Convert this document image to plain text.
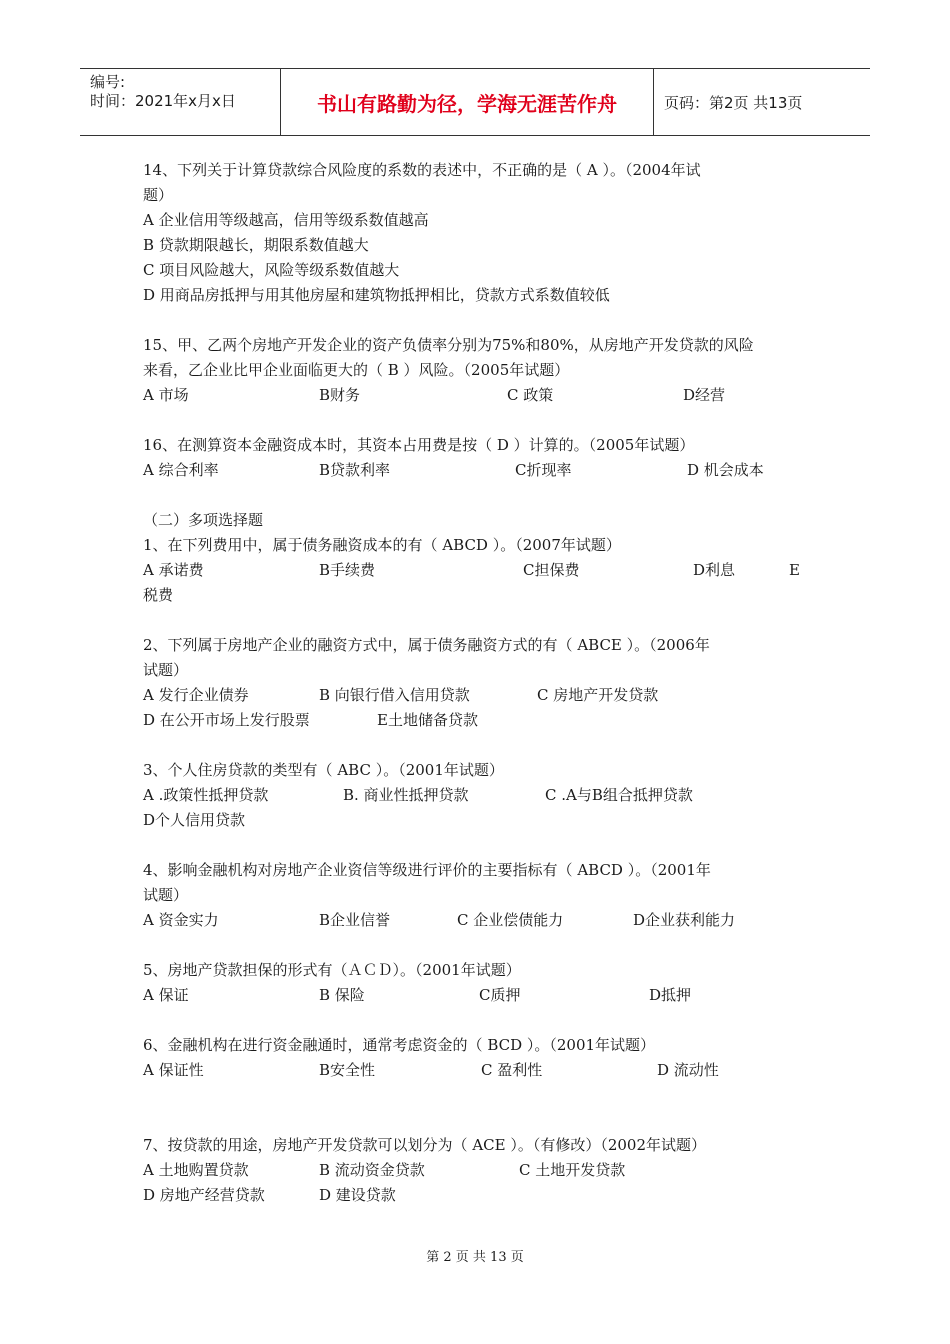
编号:
时间：2021年x月x日	书山有路勤为径，学海无涯苦作舟	页码：第2页 共13页
14、下列关于计算贷款综合风险度的系数的表述中，不正确的是（ A ）。（2004年试
题）
A 企业信用等级越高，信用等级系数值越高
B 贷款期限越长，期限系数值越大
C 项目风险越大，风险等级系数值越大
D 用商品房抵押与用其他房屋和建筑物抵押相比，贷款方式系数值较低
15、甲、乙两个房地产开发企业的资产负债率分别为75%和80%，从房地产开发贷款的风险
来看，乙企业比甲企业面临更大的（ B ）风险。（2005年试题）
A 市场	B财务	C 政策	D经营
16、在测算资本金融资成本时，其资本占用费是按（ D ）计算的。（2005年试题）
A 综合利率	B贷款利率	C折现率	D 机会成本
（二）多项选择题
1、在下列费用中，属于债务融资成本的有（ ABCD ）。（2007年试题）
A 承诺费	B手续费	C担保费	D利息	E
税费
2、下列属于房地产企业的融资方式中，属于债务融资方式的有（ ABCE ）。（2006年
试题）
A 发行企业债券	B 向银行借入信用贷款	C 房地产开发贷款
D 在公开市场上发行股票	E土地储备贷款
3、个人住房贷款的类型有（ ABC ）。（2001年试题）
A .政策性抵押贷款	B. 商业性抵押贷款	C .A与B组合抵押贷款
D个人信用贷款
4、影响金融机构对房地产企业资信等级进行评价的主要指标有（ ABCD ）。（2001年
试题）
A 资金实力	B企业信誉	C 企业偿债能力	D企业获利能力
5、房地产贷款担保的形式有（ＡＣＤ）。（2001年试题）
A 保证	B 保险	C质押	D抵押
6、金融机构在进行资金融通时，通常考虑资金的（ BCD ）。（2001年试题）
A 保证性	B安全性	C 盈利性	D 流动性
7、按贷款的用途，房地产开发贷款可以划分为（ ACE ）。（有修改）（2002年试题）
A 土地购置贷款	B 流动资金贷款	C 土地开发贷款
D 房地产经营贷款	D 建设贷款
第 2 页 共 13 页
